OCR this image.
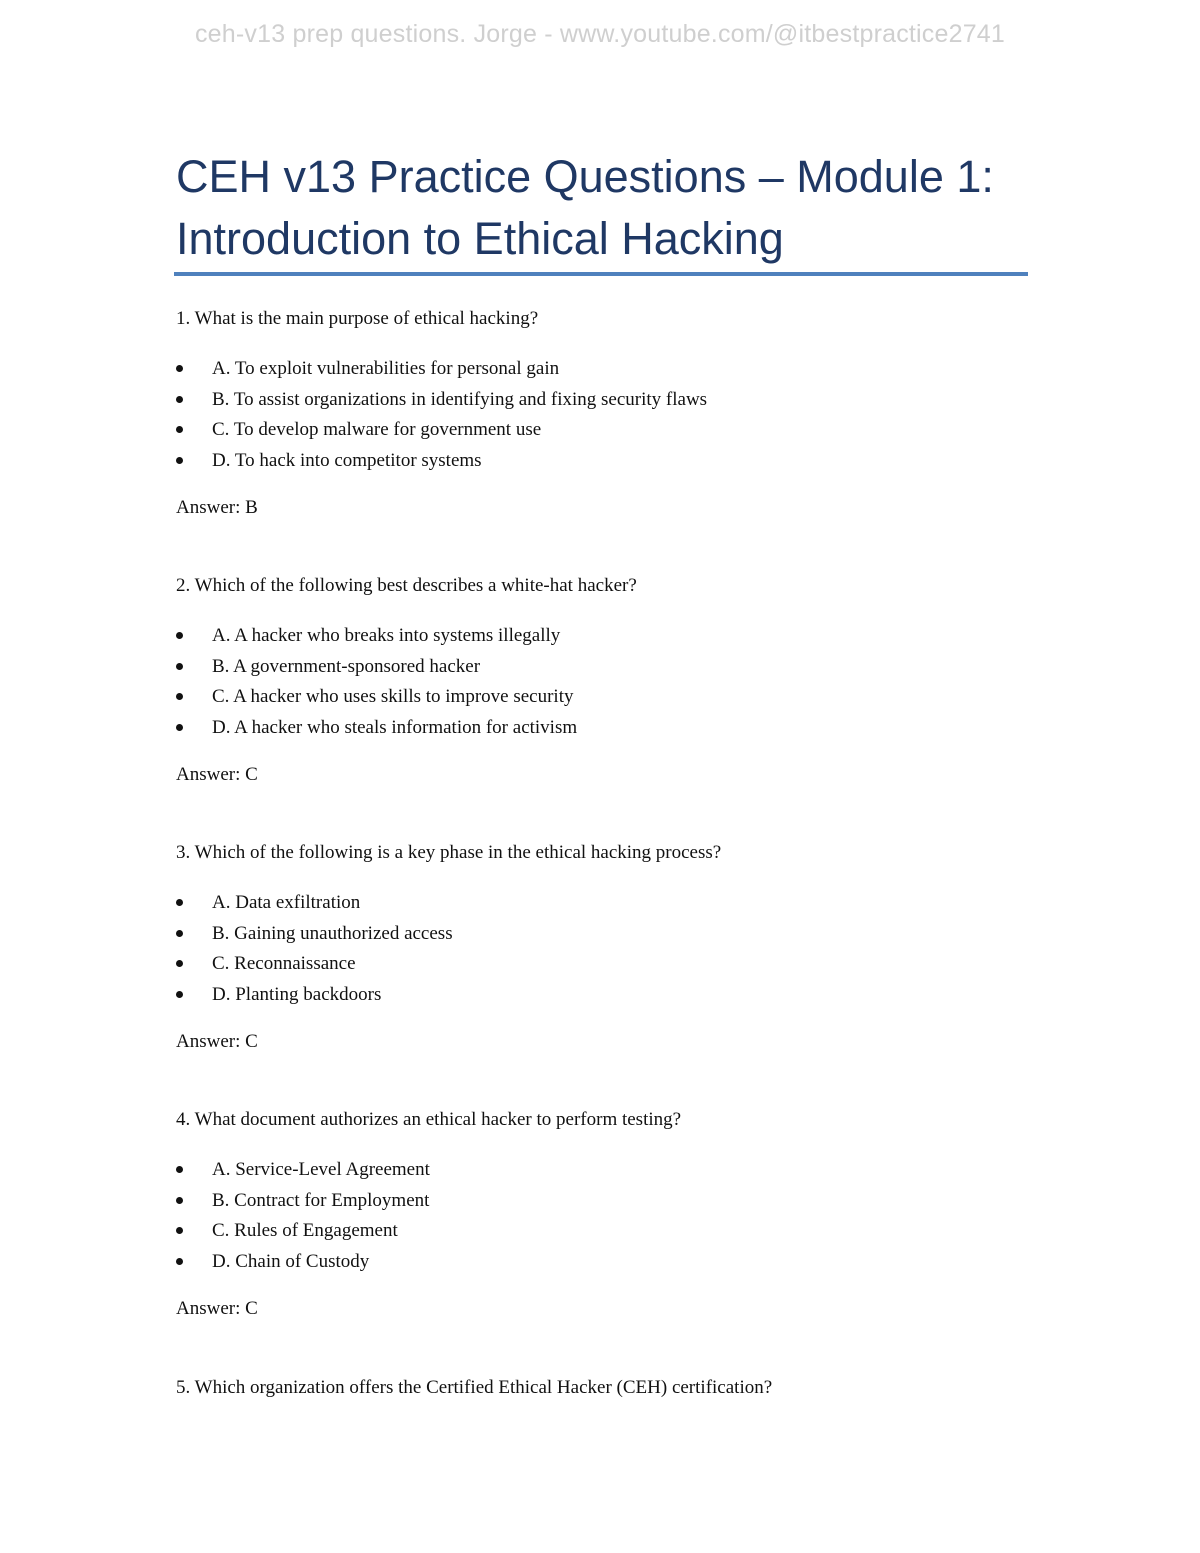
ceh-v13 prep questions. Jorge - www.youtube.com/@itbestpractice2741
CEH v13 Practice Questions – Module 1:
Introduction to Ethical Hacking

1. What is the main purpose of ethical hacking?

A. To exploit vulnerabilities for personal gain
B. To assist organizations in identifying and fixing security flaws
C. To develop malware for government use
D. To hack into competitor systems

Answer: B

2. Which of the following best describes a white-hat hacker?

A. A hacker who breaks into systems illegally
B. A government-sponsored hacker
C. A hacker who uses skills to improve security
D. A hacker who steals information for activism

Answer: C

3. Which of the following is a key phase in the ethical hacking process?

A. Data exfiltration
B. Gaining unauthorized access
C. Reconnaissance
D. Planting backdoors

Answer: C

4. What document authorizes an ethical hacker to perform testing?

A. Service-Level Agreement
B. Contract for Employment
C. Rules of Engagement
D. Chain of Custody

Answer: C

5. Which organization offers the Certified Ethical Hacker (CEH) certification?
